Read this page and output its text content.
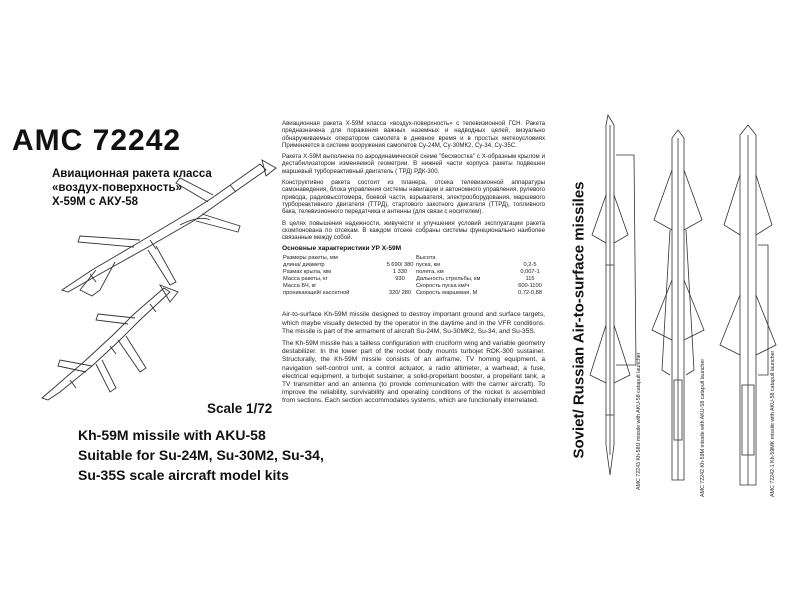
AMC 72242
Авиационная ракета класса
«воздух-поверхность»
Х-59М с АКУ-58
Scale 1/72
Kh-59M missile with AKU-58
Suitable for Su-24M, Su-30M2, Su-34,
Su-35S scale aircraft model kits

Авиационная ракета Х-59М класса «воздух-поверхность» с телевизионной ГСН. Ракета предназначена для поражения важных наземных и надводных целей, визуально обнаруживаемых оператором самолета в дневное время и в простых метеоусловиях Применяется в системе вооружения самолетов Су-24М, Су-30МК2, Су-34, Су-35С.

Ракета Х-59М выполнена по аэродинамической схеме "бесхвостка" с Х-образным крылом и дестабилизатором изменяемой геометрии. В нижней части корпуса ракеты подвешен маршевый турбореактивный двигатель ( ТРД) РДК-300.

Конструктивно ракета состоит из планера, отсека телевизионной аппаратуры самонаведения, блока управления системы навигации и автономного управления, рулевого привода, радиовысотомера, боевой части, взрывателя, электрооборудования, маршевого турбореактивного двигателя (ТТРД), стартового закотного двигателя (ТТРД), топливного бака, телевизионного передатчика и антенны (для связи с носителем).

В целях повышения надежности, живучести и улучшения условий эксплуатации ракета скомпонована по отсекам. В каждом отсеке собраны системы функционально наиболее связанные между собой.

Основные характеристики УР Х-59М
Размеры ракеты, мм		Высота	
длина/ диаметр	5 690/ 380	пуска, км	0,2-5
Размах крыла, мм	1 330	полета, км	0,007-1
Масса ракеты, кг	930	Дальность стрельбы, км	115
Масса БЧ, кг		Скорость пуска км/ч	600-1100
проникающей/ кассетной	320/ 280	Скорость маршевая, М	0,72-0,88

Air-to-surface Kh-59M missile designed to destroy important ground and surface targets, which maybe visually detected by the operator in the daytime and in the VFR conditions. The missile is part of the armament of aircraft Su-24M, Su-30MK2, Su-34, and Su-35S.

The Kh-59M missile has a tailless configuration with cruciform wing and variable geometry destabilizer. In the lower part of the rocket body mounts turbojet RDK-300 sustainer. Structurally, the Kh-59M missile consists of an airframe, TV homing equipment, a navigation self-control unit, a control actuator, a radio altimeter, a warhead, a fuse, electrical equipment, a turbojet sustainer, a solid-propellant booster, a propellant tank, a TV transmitter and an antenna (to provide communication with the carrier aircraft). To improve the reliability, survivability and operating conditions of the rocket is assembled from sections. Each section accommodates systems, which are functionally interrelated.	Soviet/ Russian Air-to-surface missiles	AMC 72243 Kh-58U missile with AKU-58 catapult launcher	AMC 72242 Kh-59M missile with AKU-58 catapult launcher	AMC 72242-1 Kh-59MK missile with AKU-58 catapult launcher
